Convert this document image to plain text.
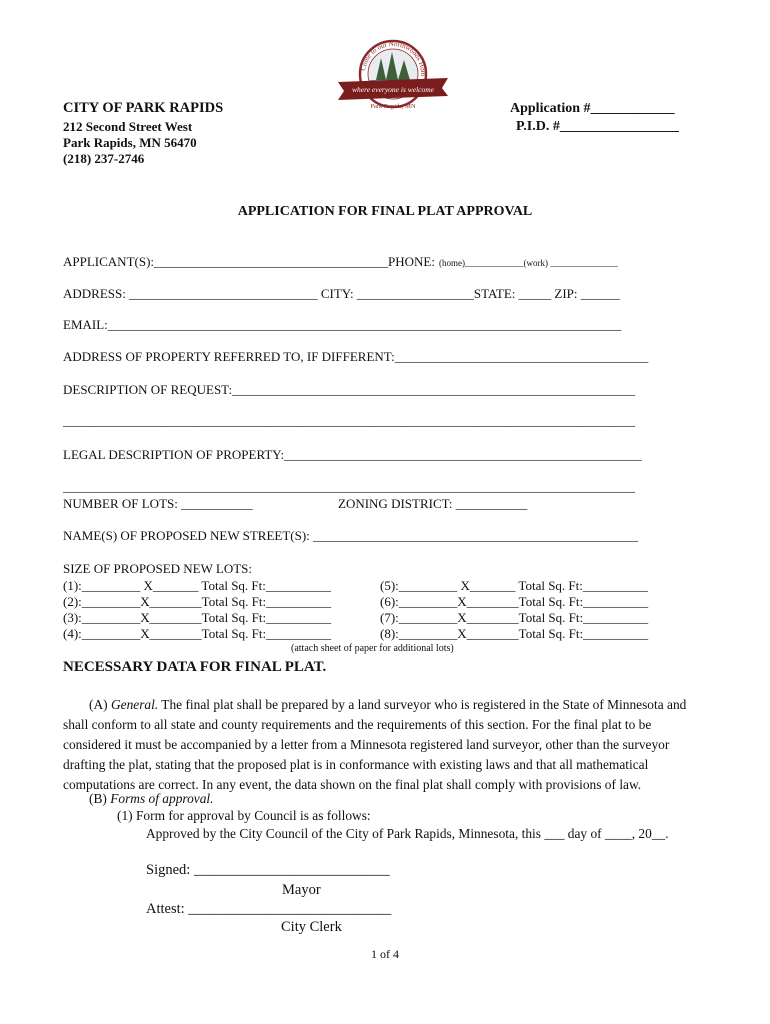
Come to our Northwoods Hom
where everyone is welcome
Park Rapids, MN
CITY OF PARK RAPIDS
212 Second Street West
Park Rapids, MN 56470
(218) 237-2746
Application #____________
P.I.D. #_________________
APPLICATION FOR FINAL PLAT APPROVAL
APPLICANT(S):____________________________________PHONE: (home)_____________(work) _______________
ADDRESS: _____________________________ CITY: __________________STATE: _____ ZIP: ______
EMAIL:_______________________________________________________________________________
ADDRESS OF PROPERTY REFERRED TO, IF DIFFERENT:_______________________________________
DESCRIPTION OF REQUEST:______________________________________________________________
________________________________________________________________________________________
LEGAL DESCRIPTION OF PROPERTY:_______________________________________________________
________________________________________________________________________________________
NUMBER OF LOTS: ___________	ZONING DISTRICT: ___________
NAME(S) OF PROPOSED NEW STREET(S): __________________________________________________
SIZE OF PROPOSED NEW LOTS:
(1):_________ X_______ Total Sq. Ft:__________
(2):_________X________Total Sq. Ft:__________
(3):_________X________Total Sq. Ft:__________
(4):_________X________Total Sq. Ft:__________
(5):_________ X_______ Total Sq. Ft:__________
(6):_________X________Total Sq. Ft:__________
(7):_________X________Total Sq. Ft:__________
(8):_________X________Total Sq. Ft:__________
(attach sheet of paper for additional lots)
NECESSARY DATA FOR FINAL PLAT.
(A) General. The final plat shall be prepared by a land surveyor who is registered in the State of Minnesota and shall conform to all state and county requirements and the requirements of this section. For the final plat to be considered it must be accompanied by a letter from a Minnesota registered land surveyor, other than the surveyor drafting the plat, stating that the proposed plat is in conformance with existing laws and that all mathematical computations are correct. In any event, the data shown on the final plat shall comply with provisions of law.
(B) Forms of approval.
(1) Form for approval by Council is as follows:
Approved by the City Council of the City of Park Rapids, Minnesota, this ___ day of ____, 20__.
Signed: ___________________________
Mayor
Attest: ____________________________
City Clerk
1 of 4
